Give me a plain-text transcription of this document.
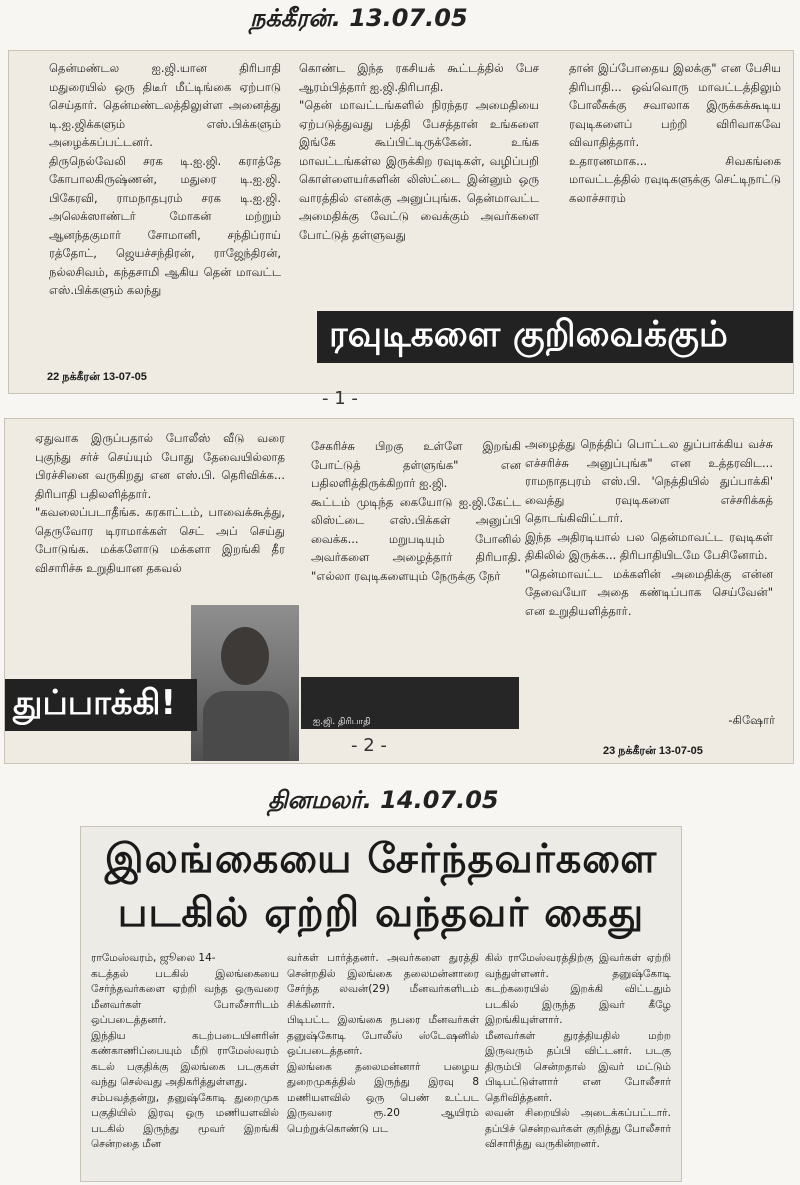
நக்கீரன். 13.07.05
தென்மண்டல ஐ.ஜி.யான திரிபாதி மதுரையில் ஒரு திடீர் மீட்டிங்கை ஏற்பாடு செய்தார். தென்மண்டலத்திலுள்ள அனைத்து டி.ஐ.ஜிக்களும் எஸ்.பிக்களும் அழைக்கப்பட்டனர்.
திருநெல்வேலி சரக டி.ஐ.ஜி. கராத்தே கோபாலகிருஷ்ணன், மதுரை டி.ஐ.ஜி. பிகேரவி, ராமநாதபுரம் சரக டி.ஐ.ஜி. அலெக்ஸாண்டர் மோகன் மற்றும் ஆனந்தகுமார் சோமானி, சந்திப்ராய் ரத்தோட், ஜெயச்சந்திரன், ராஜேந்திரன், நல்லசிவம், கந்தசாமி ஆகிய தென் மாவட்ட எஸ்.பிக்களும் கலந்து
கொண்ட இந்த ரகசியக் கூட்டத்தில் பேச ஆரம்பித்தார் ஐ.ஜி.திரிபாதி.
"தென் மாவட்டங்களில் நிரந்தர அமைதியை ஏற்படுத்துவது பத்தி பேசத்தான் உங்களை இங்கே கூப்பிட்டிருக்கேன். உங்க மாவட்டங்கள்ல இருக்கிற ரவுடிகள், வழிப்பறி கொள்ளையர்களின் லிஸ்ட்டை இன்னும் ஒரு வாரத்தில் எனக்கு அனுப்புங்க. தென்மாவட்ட அமைதிக்கு வேட்டு வைக்கும் அவர்களை போட்டுத் தள்ளுவது
தான் இப்போதைய இலக்கு" என பேசிய திரிபாதி... ஒவ்வொரு மாவட்டத்திலும் போலீசுக்கு சவாலாக இருக்கக்கூடிய ரவுடிகளைப் பற்றி விரிவாகவே விவாதித்தார்.
உதாரணமாக... சிவகங்கை மாவட்டத்தில் ரவுடிகளுக்கு செட்டிநாட்டு கலாச்சாரம்
ரவுடிகளை குறிவைக்கும்
22 நக்கீரன் 13-07-05
- 1 -
ஏதுவாக இருப்பதால் போலீஸ் வீடு வரை புகுந்து சர்ச் செய்யும் போது தேவையில்லாத பிரச்சினை வருகிறது என எஸ்.பி. தெரிவிக்க... திரிபாதி பதிலளித்தார்.
"கவலைப்படாதீங்க. கரகாட்டம், பாவைக்கூத்து, தெருவோர டிராமாக்கள் செட் அப் செய்து போடுங்க. மக்களோடு மக்களா இறங்கி தீர விசாரிச்சு உறுதியான தகவல்
சேகரிச்சு பிறகு உள்ளே இறங்கி போட்டுத் தள்ளுங்க" என பதிலளித்திருக்கிறார் ஐ.ஜி.
கூட்டம் முடிந்த கையோடு ஐ.ஜி.கேட்ட லிஸ்ட்டை எஸ்.பிக்கள் அனுப்பி வைக்க... மறுபடியும் போனில் அவர்களை அழைத்தார் திரிபாதி. "எல்லா ரவுடிகளையும் நேருக்கு நேர்
அழைத்து நெத்திப் பொட்டல துப்பாக்கிய வச்சு எச்சரிச்சு அனுப்புங்க" என உத்தரவிட... ராமநாதபுரம் எஸ்.பி. 'நெத்தியில் துப்பாக்கி' வைத்து ரவுடிகளை எச்சரிக்கத் தொடங்கிவிட்டார்.
இந்த அதிரடியால் பல தென்மாவட்ட ரவுடிகள் திகிலில் இருக்க... திரிபாதியிடமே பேசினோம்.
"தென்மாவட்ட மக்களின் அமைதிக்கு என்ன தேவையோ அதை கண்டிப்பாக செய்வேன்" என உறுதியளித்தார்.
துப்பாக்கி!	ஐ.ஜி. திரிபாதி	-கிஷோர்
23 நக்கீரன் 13-07-05
- 2 -
தினமலர். 14.07.05
இலங்கையை சேர்ந்தவர்களை
படகில் ஏற்றி வந்தவர் கைது
ராமேஸ்வரம், ஜூலை 14-
கடத்தல் படகில் இலங்கையை சேர்ந்தவர்களை ஏற்றி வந்த ஒருவரை மீனவர்கள் போலீசாரிடம் ஒப்படைத்தனர்.
இந்திய கடற்படையினரின் கண்காணிப்பையும் மீறி ராமேஸ்வரம் கடல் பகுதிக்கு இலங்கை படகுகள் வந்து செல்வது அதிகரித்துள்ளது.
சம்பவத்தன்று, தனுஷ்கோடி துறைமுக பகுதியில் இரவு ஒரு மணியளவில் படகில் இருந்து மூவர் இறங்கி சென்றதை மீன
வர்கள் பார்த்தனர். அவர்களை துரத்தி சென்றதில் இலங்கை தலைமன்னாரை சேர்ந்த லவன்(29) மீனவர்களிடம் சிக்கினார்.
பிடிபட்ட இலங்கை நபரை மீனவர்கள் தனுஷ்கோடி போலீஸ் ஸ்டேஷனில் ஒப்படைத்தனர்.
இலங்கை தலைமன்னார் பழைய துறைமுகத்தில் இருந்து இரவு 8 மணியளவில் ஒரு பெண் உட்பட இருவரை ரூ.20 ஆயிரம் பெற்றுக்கொண்டு பட
கில் ராமேஸ்வரத்திற்கு இவர்கள் ஏற்றி வந்துள்ளனர். தனுஷ்கோடி கடற்கரையில் இறக்கி விட்டதும் படகில் இருந்த இவர் கீழே இறங்கியுள்ளார்.
மீனவர்கள் துரத்தியதில் மற்ற இருவரும் தப்பி விட்டனர். படகு திரும்பி சென்றதால் இவர் மட்டும் பிடிபட்டுள்ளார் என போலீசார் தெரிவித்தனர்.
லவன் சிறையில் அடைக்கப்பட்டார். தப்பிச் சென்றவர்கள் குறித்து போலீசார் விசாரித்து வருகின்றனர்.
